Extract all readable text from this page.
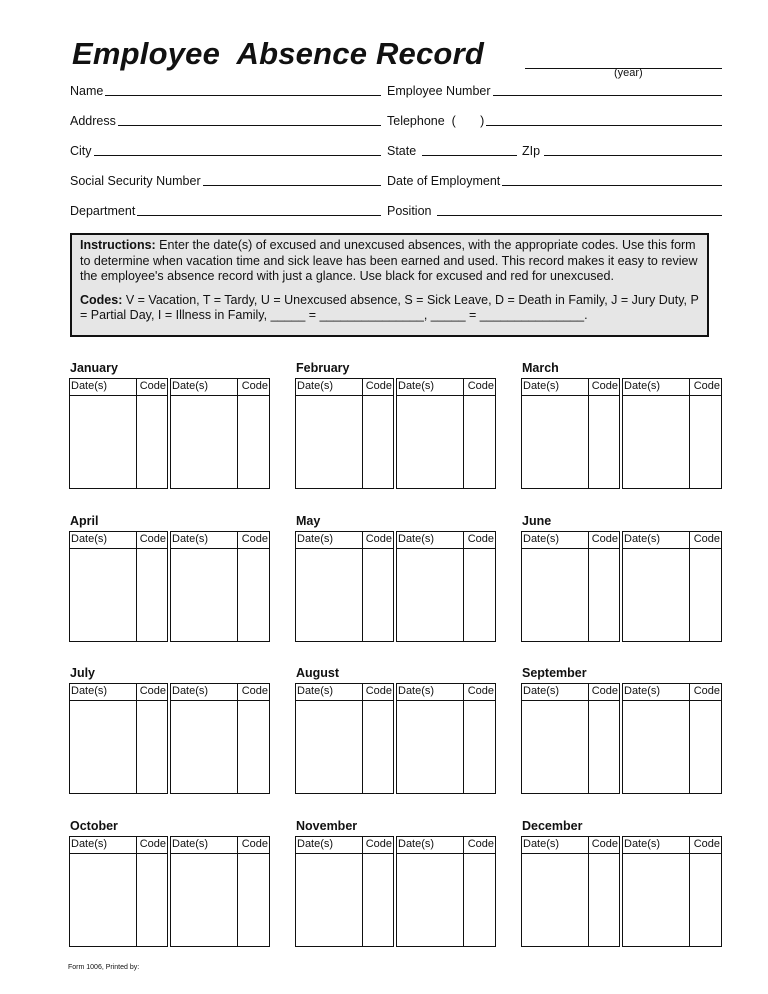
Employee  Absence Record
(year)
Name	Employee Number
Address	Telephone  (       )
City	State	ZIp
Social Security Number	Date of Employment
Department	Position

Instructions: Enter the date(s) of excused and unexcused absences, with the appropriate codes. Use this form to determine when vacation time and sick leave has been earned and used. This record makes it easy to review the employee's absence record with just a glance. Use black for excused and red for unexcused.

Codes: V = Vacation, T = Tardy, U = Unexcused absence, S = Sick Leave, D = Death in Family, J = Jury Duty, P = Partial Day, I = Illness in Family, _____ = _______________, _____ = _______________.

January
Date(s)	Code Date(s)	Code
February
Date(s)	Code Date(s)	Code
March
Date(s)	Code Date(s)	Code
April
Date(s)	Code Date(s)	Code
May
Date(s)	Code Date(s)	Code
June
Date(s)	Code Date(s)	Code
July
Date(s)	Code Date(s)	Code
August
Date(s)	Code Date(s)	Code
September
Date(s)	Code Date(s)	Code
October
Date(s)	Code Date(s)	Code
November
Date(s)	Code Date(s)	Code
December
Date(s)	Code Date(s)	Code
Form 1006, Printed by:
